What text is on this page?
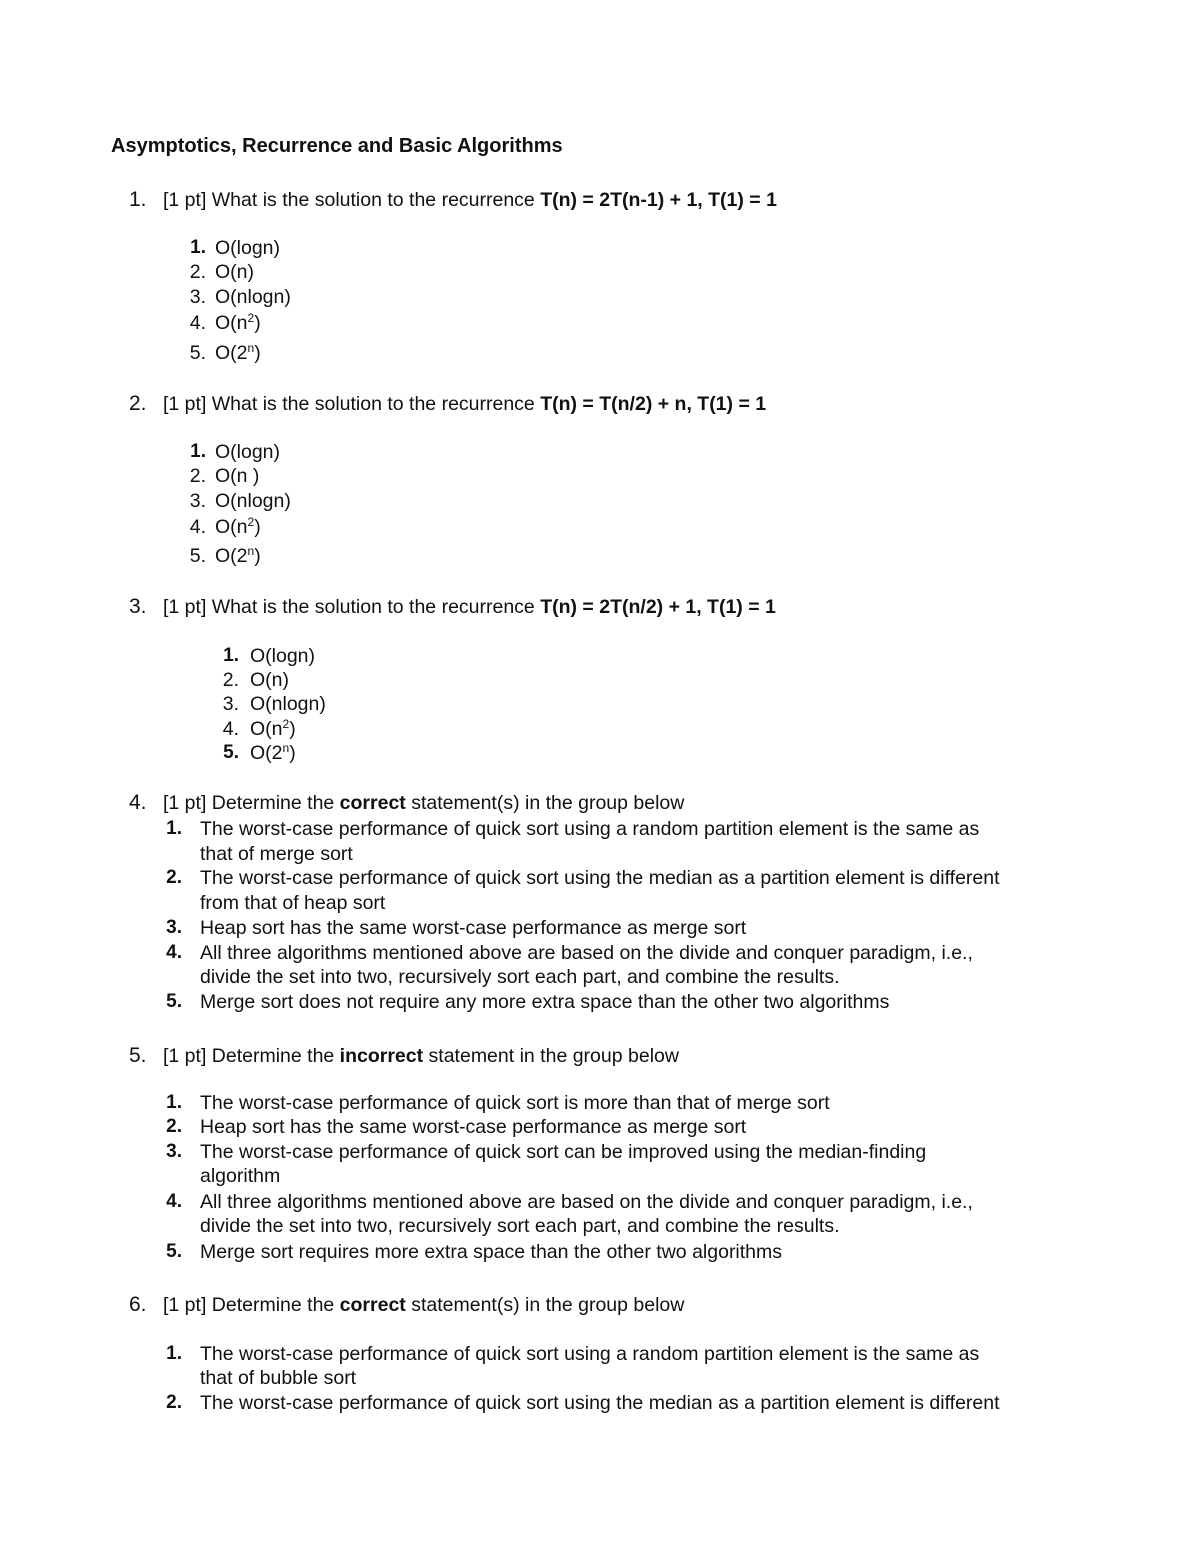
Asymptotics, Recurrence and Basic Algorithms
1. [1 pt] What is the solution to the recurrence T(n) = 2T(n-1) + 1, T(1) = 1
1. O(logn)
2. O(n)
3. O(nlogn)
4. $O(n^2)$
5. O(2$^n$)
2. [1 pt] What is the solution to the recurrence T(n) = T(n/2) + n, T(1) = 1
1. O(logn)
2. O(n )
3. O(nlogn)
4. $O(n^2)$
5. O(2$^n$)
3. [1 pt] What is the solution to the recurrence T(n) = 2T(n/2) + 1, T(1) = 1
1. O(logn)
2. O(n)
3. O(nlogn)
4. $O(n^2)$
5. O(2$^n$)
4. [1 pt] Determine the correct statement(s) in the group below
1. The worst-case performance of quick sort using a random partition element is the same as
that of merge sort
2. The worst-case performance of quick sort using the median as a partition element is different
from that of heap sort
3. Heap sort has the same worst-case performance as merge sort
4. All three algorithms mentioned above are based on the divide and conquer paradigm, i.e.,
divide the set into two, recursively sort each part, and combine the results.
5. Merge sort does not require any more extra space than the other two algorithms
5. [1 pt] Determine the incorrect statement in the group below
1. The worst-case performance of quick sort is more than that of merge sort
2. Heap sort has the same worst-case performance as merge sort
3. The worst-case performance of quick sort can be improved using the median-finding
algorithm
4. All three algorithms mentioned above are based on the divide and conquer paradigm, i.e.,
divide the set into two, recursively sort each part, and combine the results.
5. Merge sort requires more extra space than the other two algorithms
6. [1 pt] Determine the correct statement(s) in the group below
1. The worst-case performance of quick sort using a random partition element is the same as
that of bubble sort
2. The worst-case performance of quick sort using the median as a partition element is different
